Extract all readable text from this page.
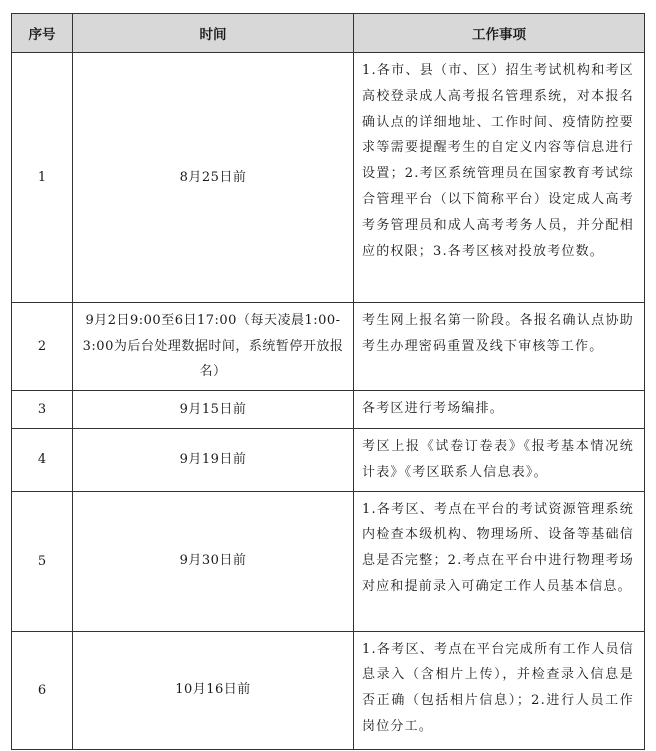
序号	时间	工作事项
1	8月25日前	1.各市、县（市、区）招生考试机构和考区高校登录成人高考报名管理系统，对本报名确认点的详细地址、工作时间、疫情防控要求等需要提醒考生的自定义内容等信息进行设置；2.考区系统管理员在国家教育考试综合管理平台（以下简称平台）设定成人高考考务管理员和成人高考考务人员，并分配相应的权限；3.各考区核对投放考位数。
2	9月2日9:00至6日17:00（每天凌晨1:00-3:00为后台处理数据时间，系统暂停开放报名）	考生网上报名第一阶段。各报名确认点协助考生办理密码重置及线下审核等工作。
3	9月15日前	各考区进行考场编排。
4	9月19日前	考区上报《试卷订卷表》《报考基本情况统计表》《考区联系人信息表》。
5	9月30日前	1.各考区、考点在平台的考试资源管理系统内检查本级机构、物理场所、设备等基础信息是否完整；2.考点在平台中进行物理考场对应和提前录入可确定工作人员基本信息。
6	10月16日前	1.各考区、考点在平台完成所有工作人员信息录入（含相片上传），并检查录入信息是否正确（包括相片信息）；2.进行人员工作岗位分工。
